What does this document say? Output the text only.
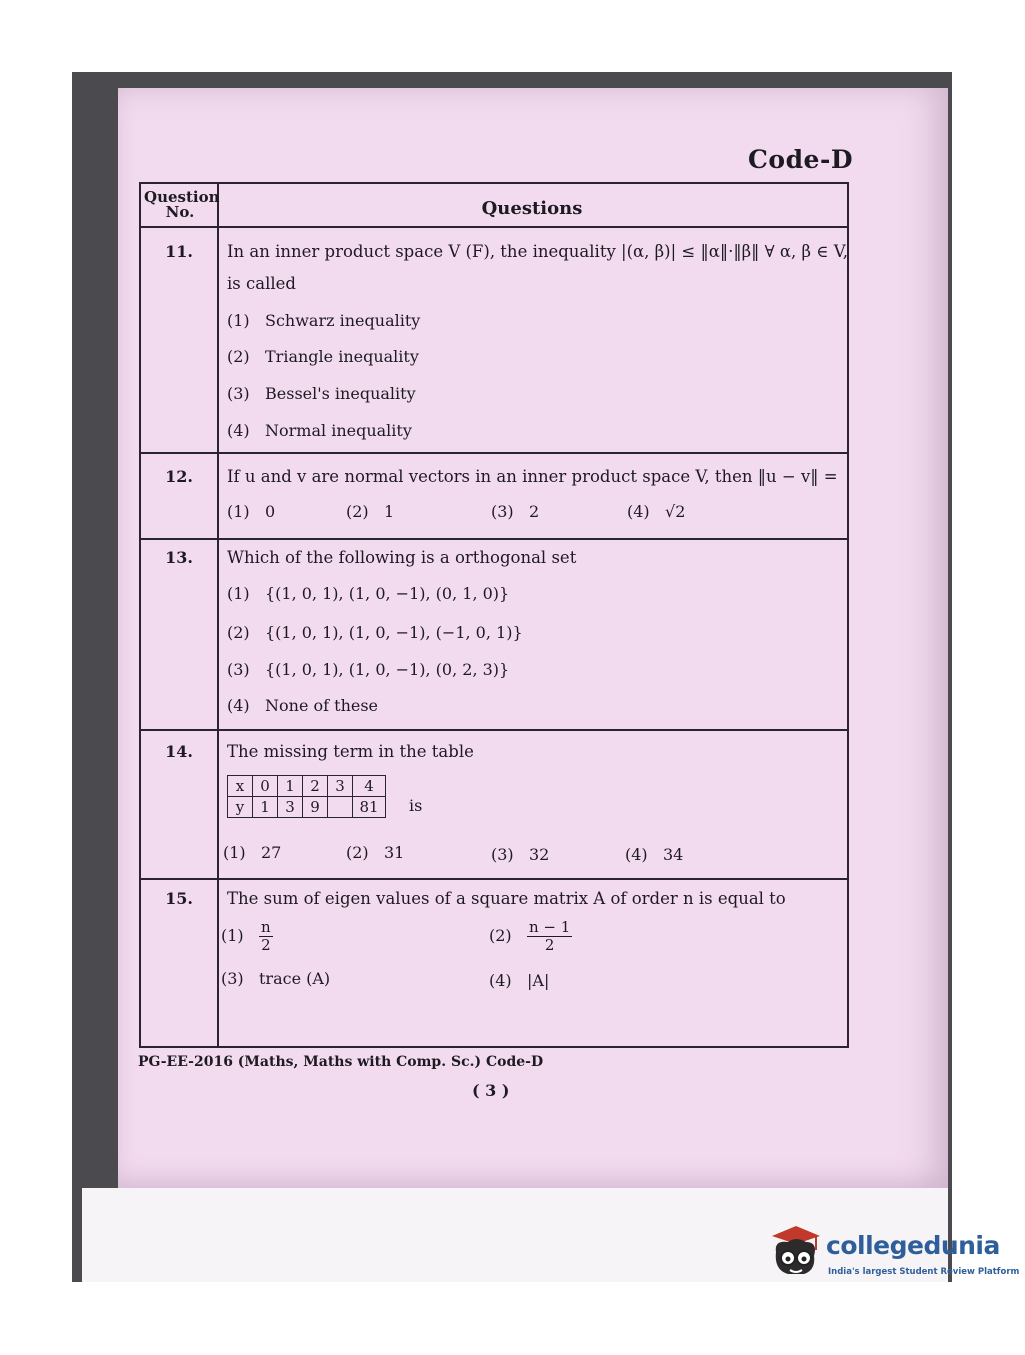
Code-D
Question No.	Questions
11.	In an inner product space V (F), the inequality |(α, β)| ≤ ‖α‖·‖β‖ ∀ α, β ∈ V,
is called
(1) Schwarz inequality
(2) Triangle inequality
(3) Bessel's inequality
(4) Normal inequality
12.	If u and v are normal vectors in an inner product space V, then ‖u − v‖ =
(1) 0	(2) 1	(3) 2	(4) √2
13.	Which of the following is a orthogonal set
(1) {(1, 0, 1), (1, 0, −1), (0, 1, 0)}
(2) {(1, 0, 1), (1, 0, −1), (−1, 0, 1)}
(3) {(1, 0, 1), (1, 0, −1), (0, 2, 3)}
(4) None of these
14.	The missing term in the table
x	0	1	2	3	4
y	1	3	9		81 is
(1) 27	(2) 31	(3) 32	(4) 34
15.	The sum of eigen values of a square matrix A of order n is equal to
$(1) \frac{n}{2}$	$(2) \frac{n - 1}{2}$
(3) trace (A)	(4) |A|
PG-EE-2016 (Maths, Maths with Comp. Sc.) Code-D
( 3 )
collegedunia
India's largest Student Review Platform
